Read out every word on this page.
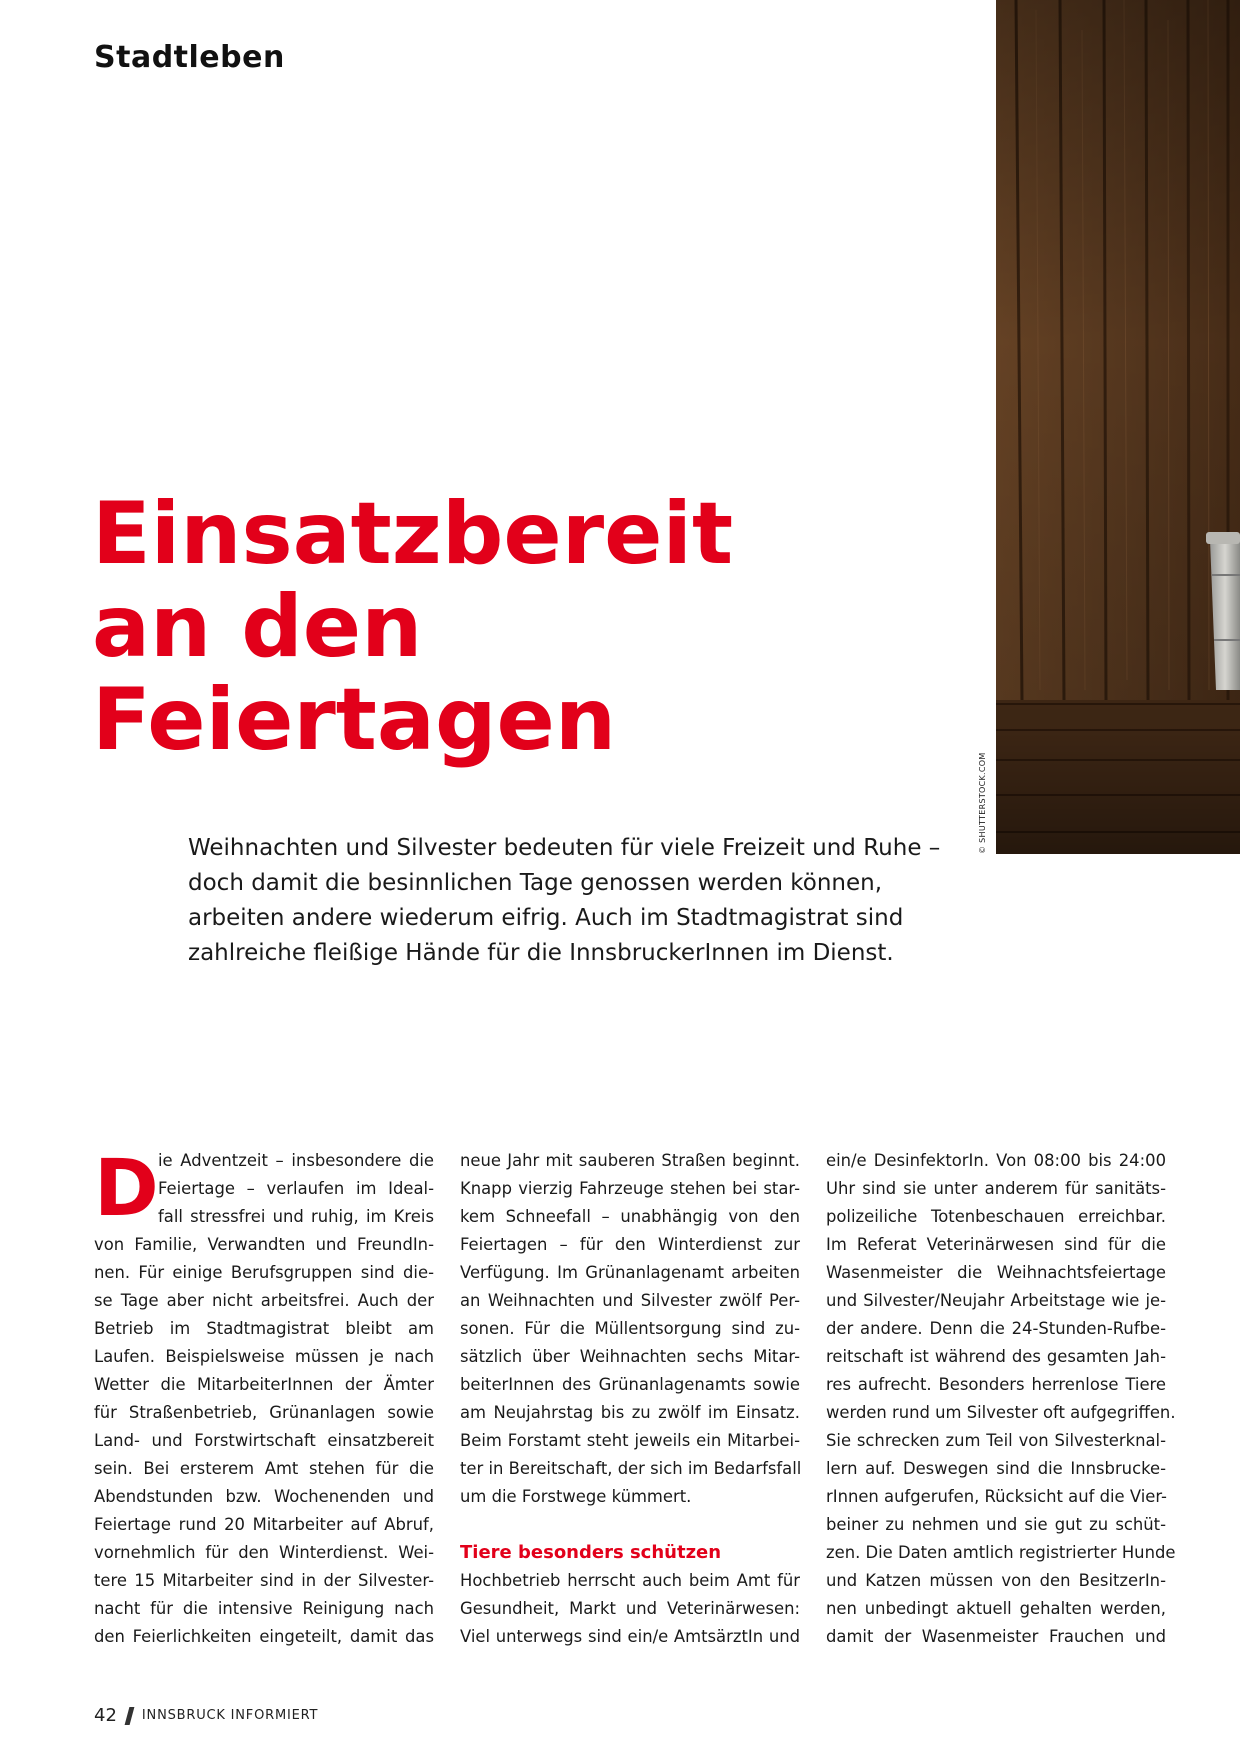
Stadtleben
© SHUTTERSTOCK.COM
Einsatzbereit
an den
Feiertagen
Weihnachten und Silvester bedeuten für viele Freizeit und Ruhe –
doch damit die besinnlichen Tage genossen werden können,
arbeiten andere wiederum eifrig. Auch im Stadtmagistrat sind
zahlreiche fleißige Hände für die InnsbruckerInnen im Dienst.
D ie Adventzeit – insbesondere die
Feiertage – verlaufen im Ideal-
fall stressfrei und ruhig, im Kreis
von Familie, Verwandten und FreundIn-
nen. Für einige Berufsgruppen sind die-
se Tage aber nicht arbeitsfrei. Auch der
Betrieb im Stadtmagistrat bleibt am
Laufen. Beispielsweise müssen je nach
Wetter die MitarbeiterInnen der Ämter
für Straßenbetrieb, Grünanlagen sowie
Land- und Forstwirtschaft einsatzbereit
sein. Bei ersterem Amt stehen für die
Abendstunden bzw. Wochenenden und
Feiertage rund 20 Mitarbeiter auf Abruf,
vornehmlich für den Winterdienst. Wei-
tere 15 Mitarbeiter sind in der Silvester-
nacht für die intensive Reinigung nach
den Feierlichkeiten eingeteilt, damit das
neue Jahr mit sauberen Straßen beginnt.
Knapp vierzig Fahrzeuge stehen bei star-
kem Schneefall – unabhängig von den
Feiertagen – für den Winterdienst zur
Verfügung. Im Grünanlagenamt arbeiten
an Weihnachten und Silvester zwölf Per-
sonen. Für die Müllentsorgung sind zu-
sätzlich über Weihnachten sechs Mitar-
beiterInnen des Grünanlagenamts sowie
am Neujahrstag bis zu zwölf im Einsatz.
Beim Forstamt steht jeweils ein Mitarbei-
ter in Bereitschaft, der sich im Bedarfsfall
um die Forstwege kümmert.
Tiere besonders schützen
Hochbetrieb herrscht auch beim Amt für
Gesundheit, Markt und Veterinärwesen:
Viel unterwegs sind ein/e AmtsärztIn und
ein/e DesinfektorIn. Von 08:00 bis 24:00
Uhr sind sie unter anderem für sanitäts-
polizeiliche Totenbeschauen erreichbar.
Im Referat Veterinärwesen sind für die
Wasenmeister die Weihnachtsfeiertage
und Silvester/Neujahr Arbeitstage wie je-
der andere. Denn die 24-Stunden-Rufbe-
reitschaft ist während des gesamten Jah-
res aufrecht. Besonders herrenlose Tiere
werden rund um Silvester oft aufgegriffen.
Sie schrecken zum Teil von Silvesterknal-
lern auf. Deswegen sind die Innsbrucke-
rInnen aufgerufen, Rücksicht auf die Vier-
beiner zu nehmen und sie gut zu schüt-
zen. Die Daten amtlich registrierter Hunde
und Katzen müssen von den BesitzerIn-
nen unbedingt aktuell gehalten werden,
damit der Wasenmeister Frauchen und
42 INNSBRUCK INFORMIERT
